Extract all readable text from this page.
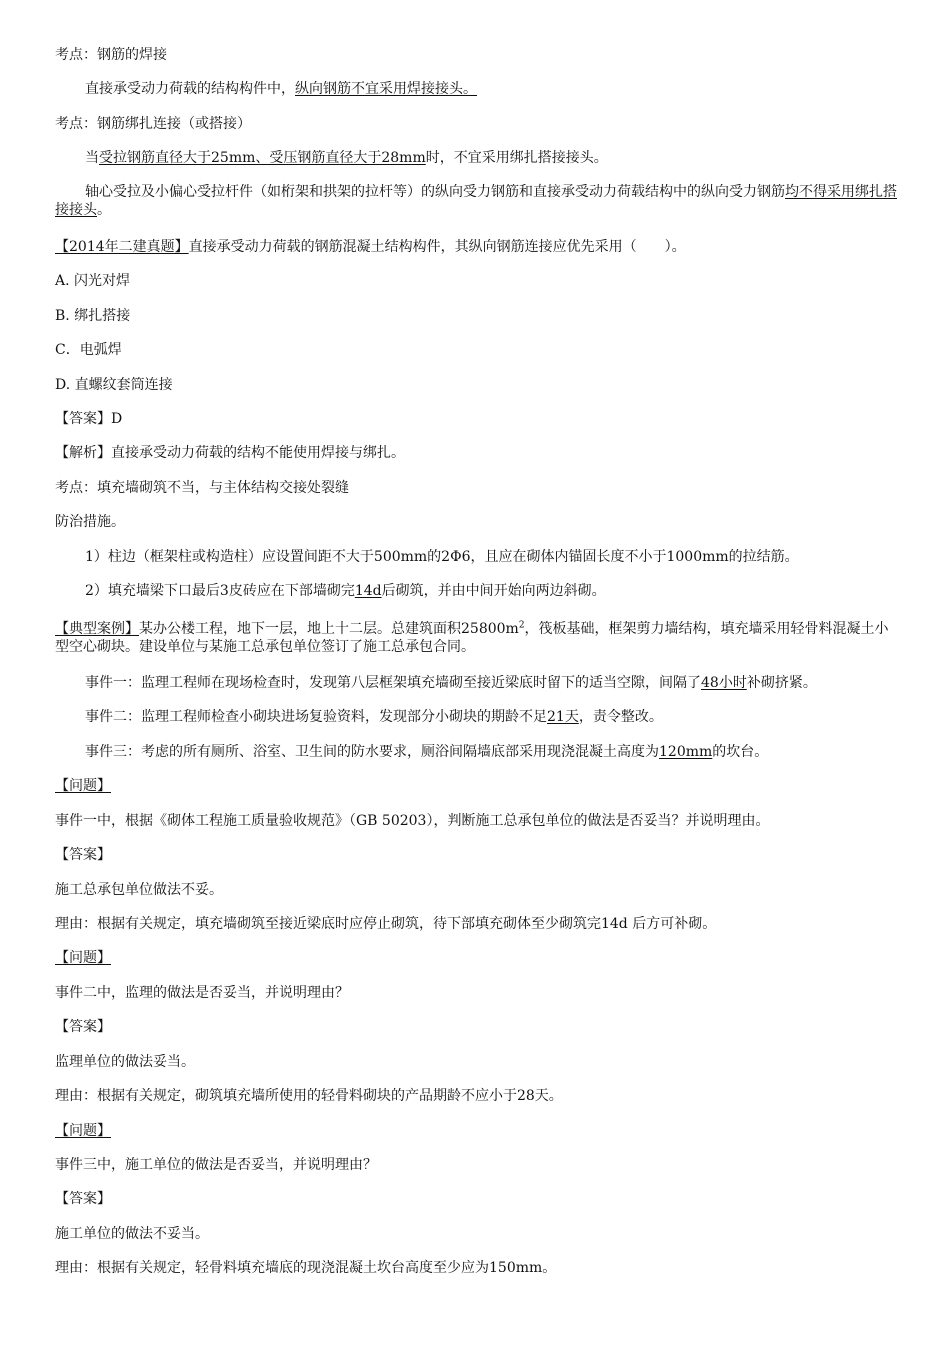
考点：钢筋的焊接
直接承受动力荷载的结构构件中，纵向钢筋不宜采用焊接接头。
考点：钢筋绑扎连接（或搭接）
当受拉钢筋直径大于25mm、受压钢筋直径大于28mm时，不宜采用绑扎搭接接头。
轴心受拉及小偏心受拉杆件（如桁架和拱架的拉杆等）的纵向受力钢筋和直接承受动力荷载结构中的纵向受力钢筋均不得采用绑扎搭接接头。
【2014年二建真题】直接承受动力荷载的钢筋混凝土结构构件，其纵向钢筋连接应优先采用（　　）。
A. 闪光对焊
B. 绑扎搭接
C．电弧焊
D. 直螺纹套筒连接
【答案】D
【解析】直接承受动力荷载的结构不能使用焊接与绑扎。
考点：填充墙砌筑不当，与主体结构交接处裂缝
防治措施。
1）柱边（框架柱或构造柱）应设置间距不大于500mm的2Φ6，且应在砌体内锚固长度不小于1000mm的拉结筋。
2）填充墙梁下口最后3皮砖应在下部墙砌完14d后砌筑，并由中间开始向两边斜砌。
【典型案例】某办公楼工程，地下一层，地上十二层。总建筑面积$25800m^2$，筏板基础，框架剪力墙结构，填充墙采用轻骨料混凝土小型空心砌块。建设单位与某施工总承包单位签订了施工总承包合同。
事件一：监理工程师在现场检查时，发现第八层框架填充墙砌至接近梁底时留下的适当空隙，间隔了48小时补砌挤紧。
事件二：监理工程师检查小砌块进场复验资料，发现部分小砌块的期龄不足21天，责令整改。
事件三：考虑的所有厕所、浴室、卫生间的防水要求，厕浴间隔墙底部采用现浇混凝土高度为120mm的坎台。
【问题】
事件一中，根据《砌体工程施工质量验收规范》（GB 50203），判断施工总承包单位的做法是否妥当？并说明理由。
【答案】
施工总承包单位做法不妥。
理由：根据有关规定，填充墙砌筑至接近梁底时应停止砌筑，待下部填充砌体至少砌筑完14d 后方可补砌。
【问题】
事件二中，监理的做法是否妥当，并说明理由？
【答案】
监理单位的做法妥当。
理由：根据有关规定，砌筑填充墙所使用的轻骨料砌块的产品期龄不应小于28天。
【问题】
事件三中，施工单位的做法是否妥当，并说明理由？
【答案】
施工单位的做法不妥当。
理由：根据有关规定，轻骨料填充墙底的现浇混凝土坎台高度至少应为150mm。
